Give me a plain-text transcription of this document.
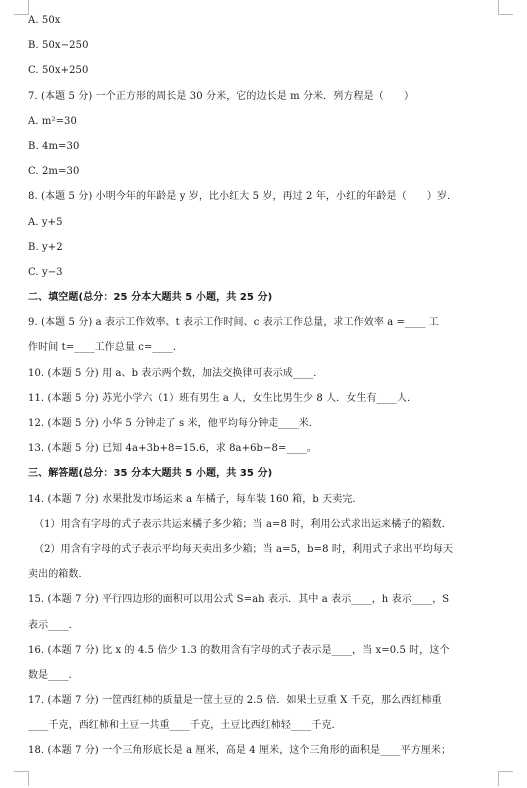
A. 50x
B. 50x−250
C. 50x+250
7. (本题 5 分) 一个正方形的周长是 30 分米，它的边长是 m 分米．列方程是（　　）
A. m²=30
B. 4m=30
C. 2m=30
8. (本题 5 分) 小明今年的年龄是 y 岁，比小红大 5 岁，再过 2 年，小红的年龄是（　　）岁．
A. y+5
B. y+2
C. y−3
二、填空题(总分：25 分本大题共 5 小题，共 25 分)
9. (本题 5 分) a 表示工作效率、t 表示工作时间、c 表示工作总量，求工作效率 a =____ 工
作时间 t=____工作总量 c=____．
10. (本题 5 分) 用 a、b 表示两个数，加法交换律可表示成____．
11. (本题 5 分) 苏光小学六（1）班有男生 a 人，女生比男生少 8 人．女生有____人．
12. (本题 5 分) 小华 5 分钟走了 s 米，他平均每分钟走____米．
13. (本题 5 分) 已知 4a+3b+8=15.6，求 8a+6b−8=____。
三、解答题(总分：35 分本大题共 5 小题，共 35 分)
14. (本题 7 分) 水果批发市场运来 a 车橘子，每车装 160 箱，b 天卖完．
（1）用含有字母的式子表示共运来橘子多少箱；当 a=8 时，利用公式求出运来橘子的箱数．
（2）用含有字母的式子表示平均每天卖出多少箱；当 a=5，b=8 时，利用式子求出平均每天
卖出的箱数．
15. (本题 7 分) 平行四边形的面积可以用公式 S=ah 表示．其中 a 表示____，h 表示____，S
表示____．
16. (本题 7 分) 比 x 的 4.5 倍少 1.3 的数用含有字母的式子表示是____，当 x=0.5 时，这个
数是____．
17. (本题 7 分) 一筐西红柿的质量是一筐土豆的 2.5 倍．如果土豆重 X 千克，那么西红柿重
____千克，西红柿和土豆一共重____千克，土豆比西红柿轻____千克．
18. (本题 7 分) 一个三角形底长是 a 厘米，高是 4 厘米，这个三角形的面积是____平方厘米；
